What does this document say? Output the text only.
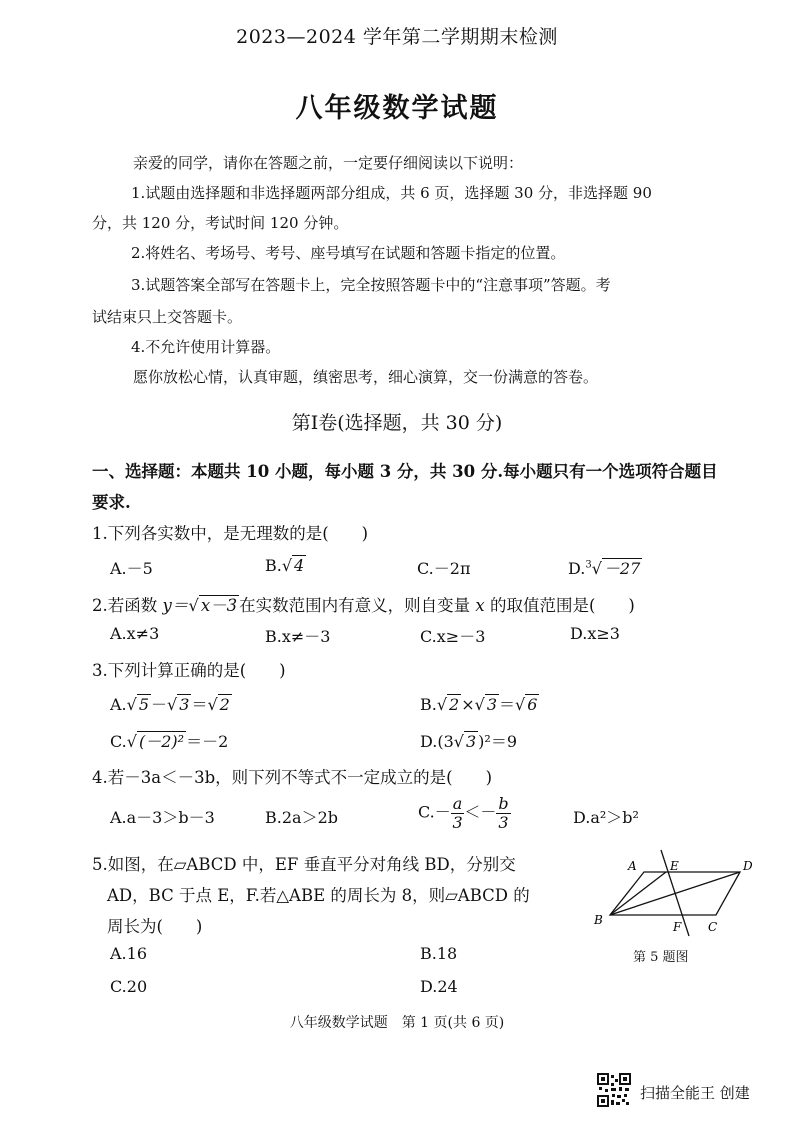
2023—2024 学年第二学期期末检测
八年级数学试题
亲爱的同学，请你在答题之前，一定要仔细阅读以下说明：
1.试题由选择题和非选择题两部分组成，共 6 页，选择题 30 分，非选择题 90
分，共 120 分，考试时间 120 分钟。
2.将姓名、考场号、考号、座号填写在试题和答题卡指定的位置。
3.试题答案全部写在答题卡上，完全按照答题卡中的“注意事项”答题。考
试结束只上交答题卡。
4.不允许使用计算器。
愿你放松心情，认真审题，缜密思考，细心演算，交一份满意的答卷。
第Ⅰ卷(选择题，共 30 分)
一、选择题：本题共 10 小题，每小题 3 分，共 30 分.每小题只有一个选项符合题目
要求.
1.下列各实数中，是无理数的是(　　)
A.－5	B.√ 4	C.－2π	D.$^3$√ －27
2.若函数 y＝√ x－3 在实数范围内有意义，则自变量 x 的取值范围是(　　)
A.x≠3	B.x≠－3	C.x≥－3	D.x≥3
3.下列计算正确的是(　　)
A.√ 5 －√ 3 ＝√ 2	B.√ 2 ×√ 3 ＝√ 6
C.√ (－2)² ＝－2	D.(3√ 3 )²＝9
4.若－3a＜－3b，则下列不等式不一定成立的是(　　)
A.a－3＞b－3	B.2a＞2b	$C.- \frac{a}{3} <- \frac{b}{3}$	D.a²＞b²
5.如图，在▱ABCD 中，EF 垂直平分对角线 BD，分别交
AD，BC 于点 E，F.若△ABE 的周长为 8，则▱ABCD 的
周长为(　　)
A.16	B.18
C.20	D.24
A	E	D
B	F C
第 5 题图
八年级数学试题　第 1 页(共 6 页)
扫描全能王 创建
